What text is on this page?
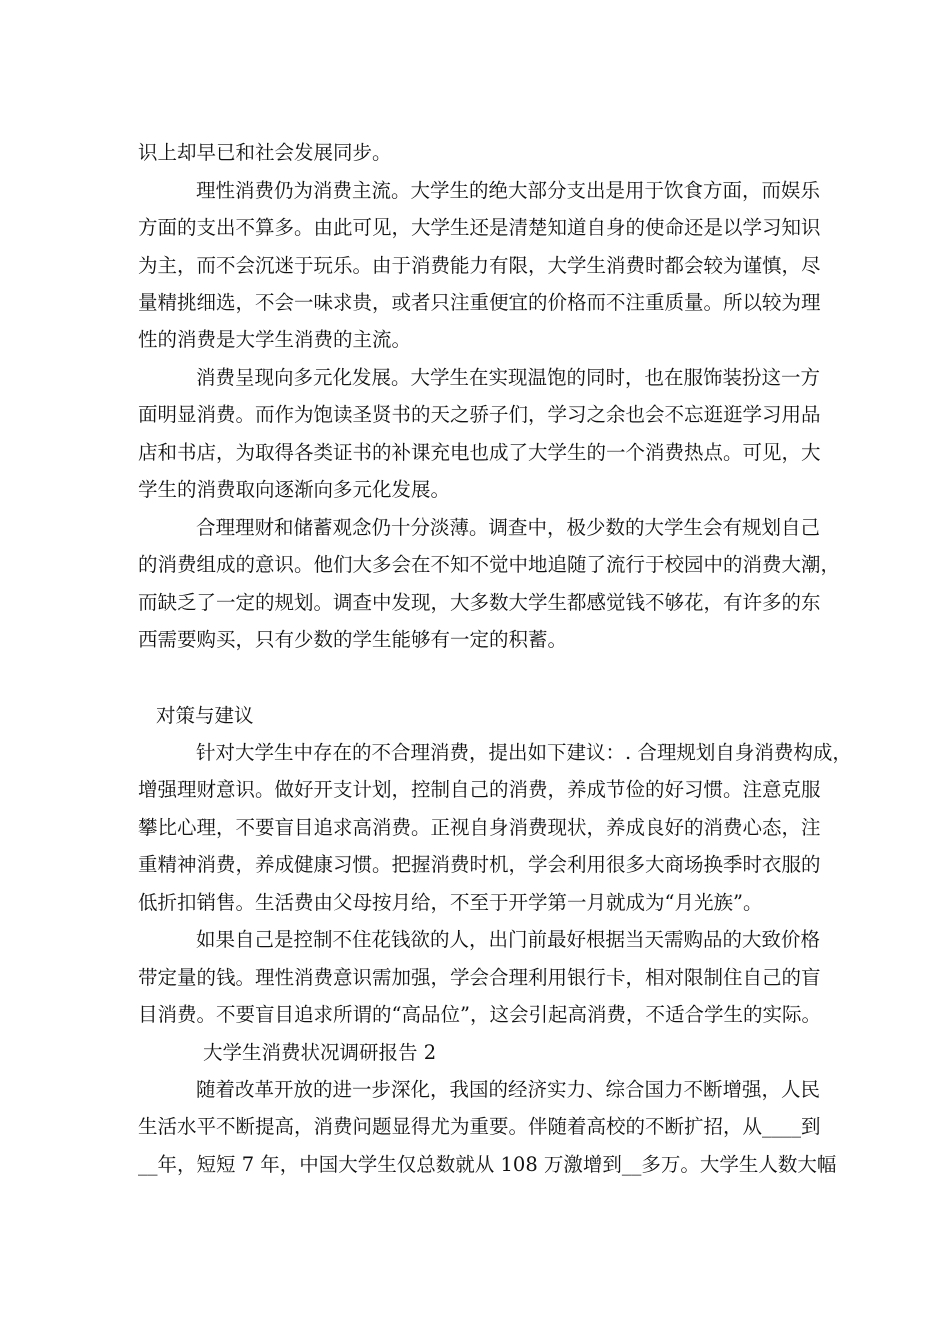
识上却早已和社会发展同步。
理性消费仍为消费主流。大学生的绝大部分支出是用于饮食方面，而娱乐
方面的支出不算多。由此可见，大学生还是清楚知道自身的使命还是以学习知识
为主，而不会沉迷于玩乐。由于消费能力有限，大学生消费时都会较为谨慎，尽
量精挑细选，不会一味求贵，或者只注重便宜的价格而不注重质量。所以较为理
性的消费是大学生消费的主流。
消费呈现向多元化发展。大学生在实现温饱的同时，也在服饰装扮这一方
面明显消费。而作为饱读圣贤书的天之骄子们，学习之余也会不忘逛逛学习用品
店和书店，为取得各类证书的补课充电也成了大学生的一个消费热点。可见，大
学生的消费取向逐渐向多元化发展。
合理理财和储蓄观念仍十分淡薄。调查中，极少数的大学生会有规划自己
的消费组成的意识。他们大多会在不知不觉中地追随了流行于校园中的消费大潮，
而缺乏了一定的规划。调查中发现，大多数大学生都感觉钱不够花，有许多的东
西需要购买，只有少数的学生能够有一定的积蓄。
对策与建议
针对大学生中存在的不合理消费，提出如下建议：. 合理规划自身消费构成，
增强理财意识。做好开支计划，控制自己的消费，养成节俭的好习惯。注意克服
攀比心理，不要盲目追求高消费。正视自身消费现状，养成良好的消费心态，注
重精神消费，养成健康习惯。把握消费时机，学会利用很多大商场换季时衣服的
低折扣销售。生活费由父母按月给，不至于开学第一月就成为“月光族”。
如果自己是控制不住花钱欲的人，出门前最好根据当天需购品的大致价格
带定量的钱。理性消费意识需加强，学会合理利用银行卡，相对限制住自己的盲
目消费。不要盲目追求所谓的“高品位”，这会引起高消费，不适合学生的实际。
大学生消费状况调研报告 2
随着改革开放的进一步深化，我国的经济实力、综合国力不断增强，人民
生活水平不断提高，消费问题显得尤为重要。伴随着高校的不断扩招，从____到
__年，短短 7 年，中国大学生仅总数就从 108 万激增到__多万。大学生人数大幅
